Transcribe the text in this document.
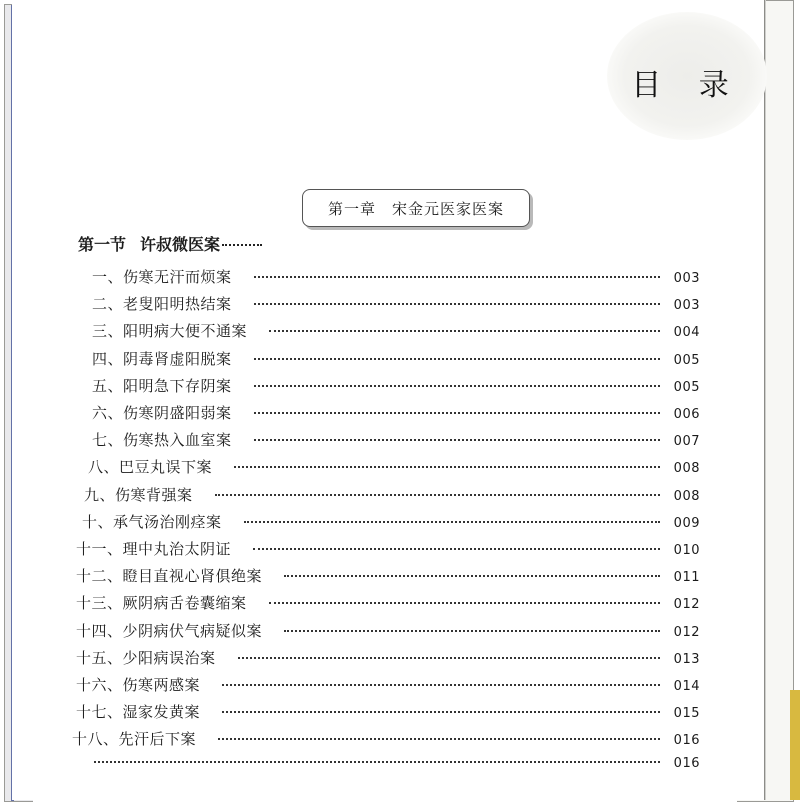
目 录
第一章 宋金元医家医案
第一节 许叔微医案
一、伤寒无汗而烦案	003
二、老叟阳明热结案	003
三、阳明病大便不通案	004
四、阴毒肾虚阳脱案	005
五、阳明急下存阴案	005
六、伤寒阴盛阳弱案	006
七、伤寒热入血室案	007
八、巴豆丸误下案	008
九、伤寒背强案	008
十、承气汤治刚痉案	009
十一、理中丸治太阴证	010
十二、瞪目直视心肾俱绝案	011
十三、厥阴病舌卷囊缩案	012
十四、少阴病伏气病疑似案	012
十五、少阳病误治案	013
十六、伤寒两感案	014
十七、湿家发黄案	015
十八、先汗后下案	016
016
